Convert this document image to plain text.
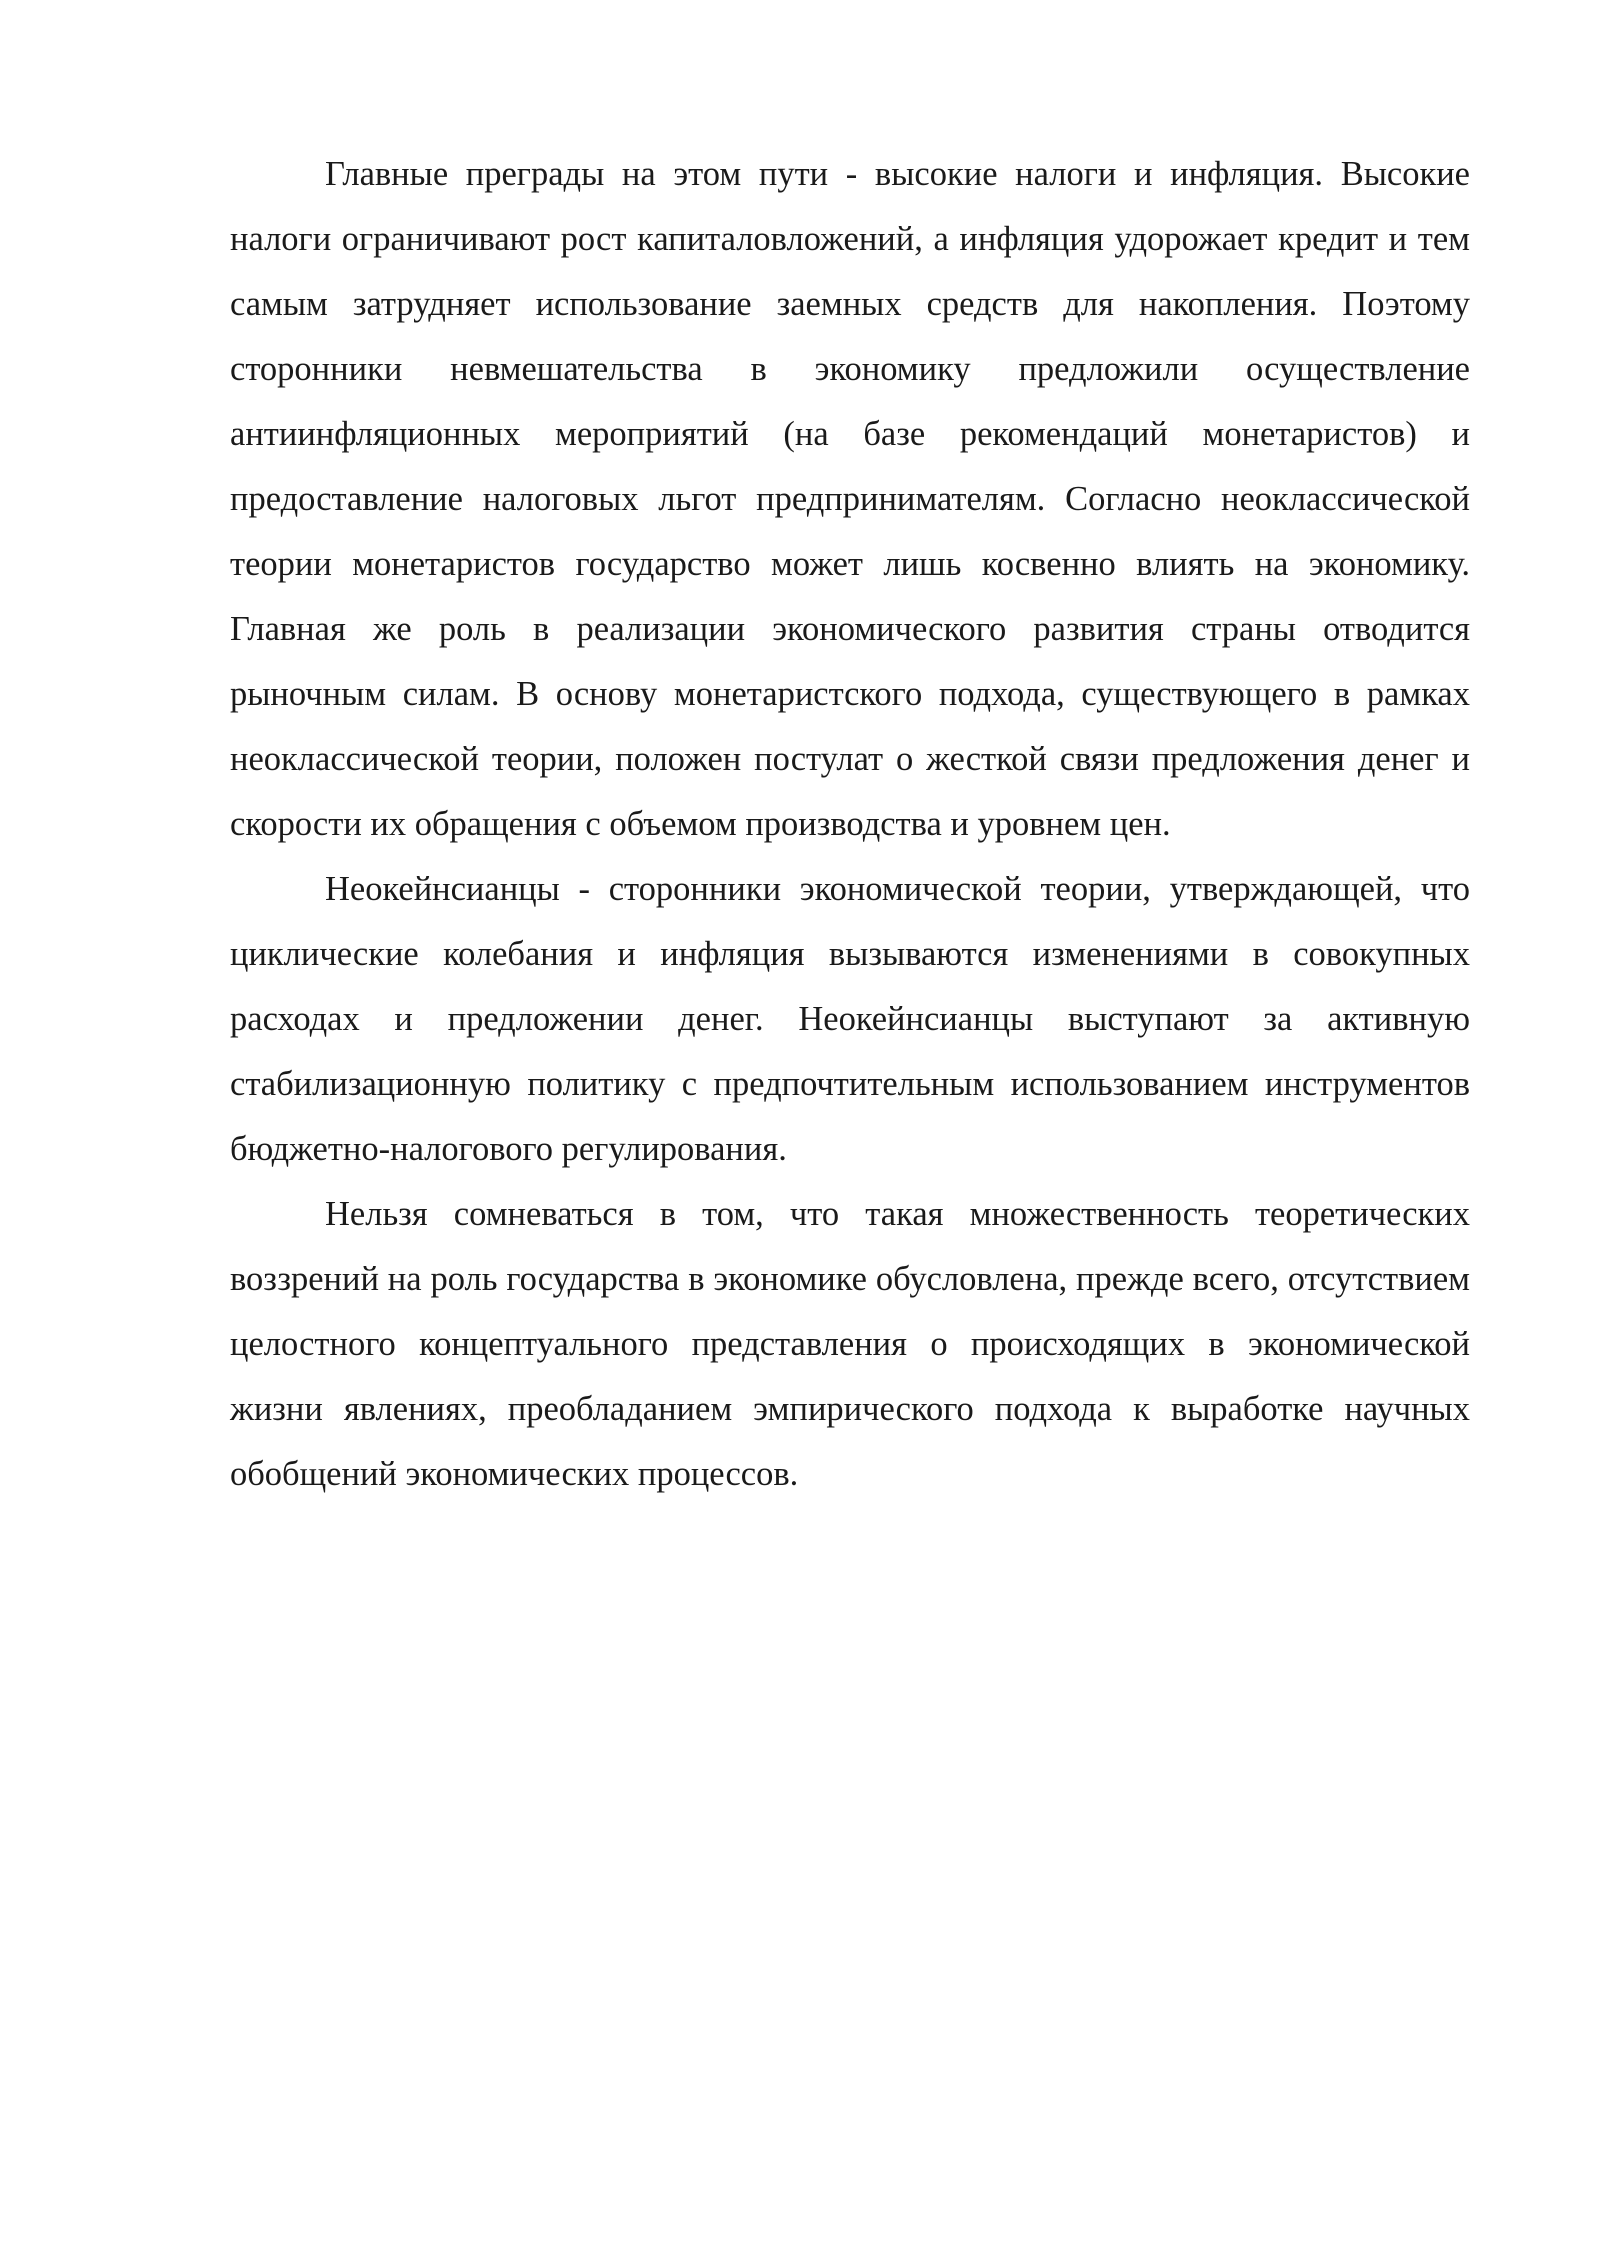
Главные преграды на этом пути - высокие налоги и инфляция. Высокие налоги ограничивают рост капиталовложений, а инфляция удорожает кредит и тем самым затрудняет использование заемных средств для накопления. Поэтому сторонники невмешательства в экономику предложили осуществление антиинфляционных мероприятий (на базе рекомендаций монетаристов) и предоставление налоговых льгот предпринимателям. Согласно неоклассической теории монетаристов государство может лишь косвенно влиять на экономику. Главная же роль в реализации экономического развития страны отводится рыночным силам. В основу монетаристского подхода, существующего в рамках неоклассической теории, положен постулат о жесткой связи предложения денег и скорости их обращения с объемом производства и уровнем цен.

Неокейнсианцы - сторонники экономической теории, утверждающей, что циклические колебания и инфляция вызываются изменениями в совокупных расходах и предложении денег. Неокейнсианцы выступают за активную стабилизационную политику с предпочтительным использованием инструментов бюджетно-налогового регулирования.

Нельзя сомневаться в том, что такая множественность теоретических воззрений на роль государства в экономике обусловлена, прежде всего, отсутствием целостного концептуального представления о происходящих в экономической жизни явлениях, преобладанием эмпирического подхода к выработке научных обобщений экономических процессов.
